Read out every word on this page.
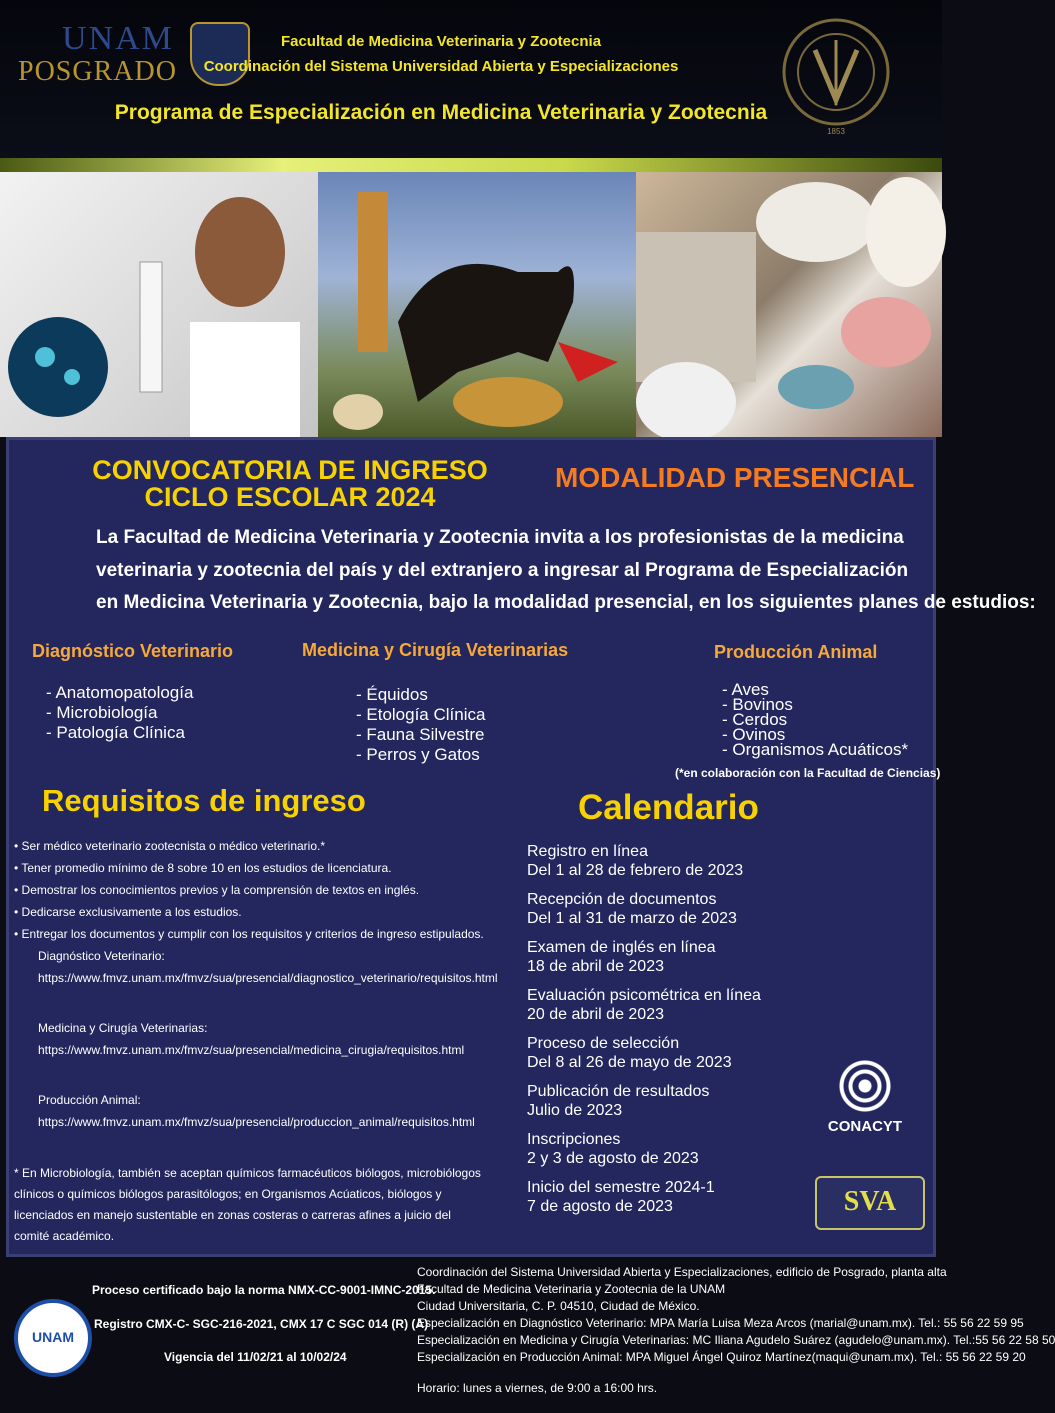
UNAM
POSGRADO
Facultad de Medicina Veterinaria y Zootecnia
Coordinación del Sistema Universidad Abierta y Especializaciones
Programa de Especialización en Medicina Veterinaria y Zootecnia
1853
CONVOCATORIA DE INGRESO
CICLO ESCOLAR 2024
MODALIDAD PRESENCIAL
La Facultad de Medicina Veterinaria y Zootecnia invita a los profesionistas de la medicina
veterinaria y zootecnia del país y del extranjero a ingresar al Programa de Especialización
en Medicina Veterinaria y Zootecnia, bajo la modalidad presencial, en los siguientes planes de estudios:
Diagnóstico Veterinario
- Anatomopatología
- Microbiología
- Patología Clínica
Medicina y Cirugía Veterinarias
- Équidos
- Etología Clínica
- Fauna Silvestre
- Perros y Gatos
Producción Animal
- Aves
- Bovinos
- Cerdos
- Ovinos
- Organismos Acuáticos*
(*en colaboración con la Facultad de Ciencias)
Requisitos de ingreso	Calendario
• Ser médico veterinario zootecnista o médico veterinario.*
• Tener promedio mínimo de 8 sobre 10 en los estudios de licenciatura.
• Demostrar los conocimientos previos y la comprensión de textos en inglés.
• Dedicarse exclusivamente a los estudios.
• Entregar los documentos y cumplir con los requisitos y criterios de ingreso estipulados.
Diagnóstico Veterinario:
https://www.fmvz.unam.mx/fmvz/sua/presencial/diagnostico_veterinario/requisitos.html
Medicina y Cirugía Veterinarias:
https://www.fmvz.unam.mx/fmvz/sua/presencial/medicina_cirugia/requisitos.html
Producción Animal:
https://www.fmvz.unam.mx/fmvz/sua/presencial/produccion_animal/requisitos.html
* En Microbiología, también se aceptan químicos farmacéuticos biólogos, microbiólogos clínicos o químicos biólogos parasitólogos; en Organismos Acúaticos, biólogos y licenciados en manejo sustentable en zonas costeras o carreras afines a juicio del comité académico.
Registro en línea
Del 1 al 28 de febrero de 2023
Recepción de documentos
Del 1 al 31 de marzo de 2023
Examen de inglés en línea
18 de abril de 2023
Evaluación psicométrica en línea
20 de abril de 2023
Proceso de selección
Del 8 al 26 de mayo de 2023
Publicación de resultados
Julio de 2023
Inscripciones
2 y 3 de agosto de 2023
Inicio del semestre 2024-1
7 de agosto de 2023
CONACYT
SVA
UNAM
Proceso certificado bajo la norma NMX-CC-9001-IMNC-2015.
Registro CMX-C- SGC-216-2021, CMX 17 C SGC 014 (R) (A)
Vigencia del 11/02/21 al 10/02/24
Coordinación del Sistema Universidad Abierta y Especializaciones, edificio de Posgrado, planta alta
Facultad de Medicina Veterinaria y Zootecnia de la UNAM
Ciudad Universitaria, C. P. 04510, Ciudad de México.
Especialización en Diagnóstico Veterinario: MPA María Luisa Meza Arcos (marial@unam.mx). Tel.: 55 56 22 59 95
Especialización en Medicina y Cirugía Veterinarias: MC Iliana Agudelo Suárez (agudelo@unam.mx). Tel.:55 56 22 58 50
Especialización en Producción Animal: MPA Miguel Ángel Quiroz Martínez(maqui@unam.mx). Tel.: 55 56 22 59 20
Horario: lunes a viernes, de 9:00 a 16:00 hrs.
